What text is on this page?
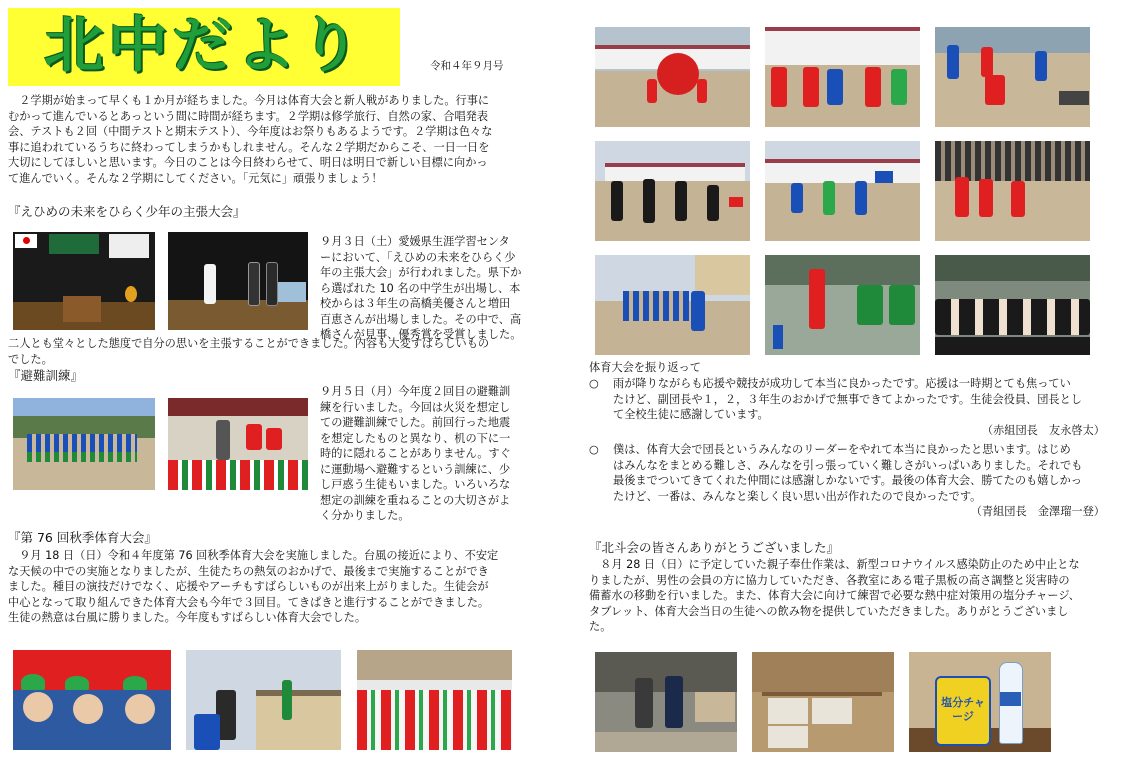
北中だより	令和４年９月号
　２学期が始まって早くも１か月が経ちました。今月は体育大会と新人戦がありました。行事に
むかって進んでいるとあっという間に時間が経ちます。２学期は修学旅行、自然の家、合唱発表
会、テストも２回（中間テストと期末テスト）、今年度はお祭りもあるようです。２学期は色々な
事に追われているうちに終わってしまうかもしれません。そんな２学期だからこそ、一日一日を
大切にしてほしいと思います。今日のことは今日終わらせて、明日は明日で新しい目標に向かっ
て進んでいく。そんな２学期にしてください。「元気に」頑張りましょう！
『えひめの未来をひらく少年の主張大会』
９月３日（土）愛媛県生涯学習センタ
ーにおいて、「えひめの未来をひらく少
年の主張大会」が行われました。県下か
ら選ばれた 10 名の中学生が出場し、本
校からは３年生の高橋美優さんと増田
百恵さんが出場しました。その中で、高
橋さんが見事、優秀賞を受賞しました。
二人とも堂々とした態度で自分の思いを主張することができました。内容も大変すばらしいもの
でした。
『避難訓練』
９月５日（月）今年度２回目の避難訓
練を行いました。今回は火災を想定し
ての避難訓練でした。前回行った地震
を想定したものと異なり、机の下に一
時的に隠れることがありません。すぐ
に運動場へ避難するという訓練に、少
し戸惑う生徒もいました。いろいろな
想定の訓練を重ねることの大切さがよ
く分かりました。
『第 76 回秋季体育大会』
　９月 18 日（日）令和４年度第 76 回秋季体育大会を実施しました。台風の接近により、不安定
な天候の中での実施となりましたが、生徒たちの熱気のおかげで、最後まで実施することができ
ました。種目の演技だけでなく、応援やアーチもすばらしいものが出来上がりました。生徒会が
中心となって取り組んできた体育大会も今年で３回目。てきぱきと進行することができました。
生徒の熱意は台風に勝りました。今年度もすばらしい体育大会でした。
体育大会を振り返って
○	雨が降りながらも応援や競技が成功して本当に良かったです。応援は一時期とても焦ってい
たけど、副団長や１，２，３年生のおかげで無事できてよかったです。生徒会役員、団長とし
て全校生徒に感謝しています。
（赤組団長　友永啓太）
○	僕は、体育大会で団長というみんなのリーダーをやれて本当に良かったと思います。はじめ
はみんなをまとめる難しさ、みんなを引っ張っていく難しさがいっぱいありました。それでも
最後までついてきてくれた仲間には感謝しかないです。最後の体育大会、勝てたのも嬉しかっ
たけど、一番は、みんなと楽しく良い思い出が作れたので良かったです。
（青組団長　金澤瑠一登）
『北斗会の皆さんありがとうございました』
　８月 28 日（日）に予定していた親子奉仕作業は、新型コロナウイルス感染防止のため中止とな
りましたが、男性の会員の方に協力していただき、各教室にある電子黒板の高さ調整と災害時の
備蓄水の移動を行いました。また、体育大会に向けて練習で必要な熱中症対策用の塩分チャージ、
タブレット、体育大会当日の生徒への飲み物を提供していただきました。ありがとうございまし
た。
塩分チャージ
